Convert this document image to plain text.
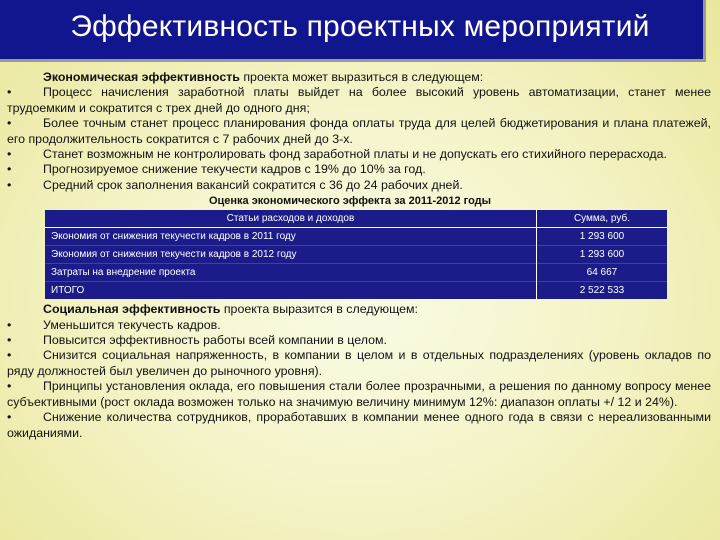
Эффективность проектных мероприятий

Экономическая эффективность проекта может выразиться в следующем:

•	Процесс начисления заработной платы выйдет на более высокий уровень автоматизации, станет менее трудоемким и сократится с трех дней до одного дня;

•	Более точным станет процесс планирования фонда оплаты труда для целей бюджетирования и плана платежей, его продолжительность сократится с 7 рабочих дней до 3-х.

•	Станет возможным не контролировать фонд заработной платы и не допускать его стихийного перерасхода.

•	Прогнозируемое снижение текучести кадров с 19% до 10% за год.

•	Средний срок заполнения вакансий сократится с 36 до 24 рабочих дней.

Оценка экономического эффекта за 2011-2012 годы
Статьи расходов и доходов	Сумма, руб.
Экономия от снижения текучести кадров в 2011 году	1 293 600
Экономия от снижения текучести кадров в 2012 году	1 293 600
Затраты на внедрение проекта	64 667
ИТОГО	2 522 533

Социальная эффективность проекта выразится в следующем:

•	Уменьшится текучесть кадров.

•	Повысится эффективность работы всей компании в целом.

•	Снизится социальная напряженность, в компании в целом и в отдельных подразделениях (уровень окладов по ряду должностей был увеличен до рыночного уровня).

•	Принципы установления оклада, его повышения стали более прозрачными, а решения по данному вопросу менее субъективными (рост оклада возможен только на значимую величину минимум 12%: диапазон оплаты +/ 12 и 24%).

•	Снижение количества сотрудников, проработавших в компании менее одного года в связи с нереализованными ожиданиями.
